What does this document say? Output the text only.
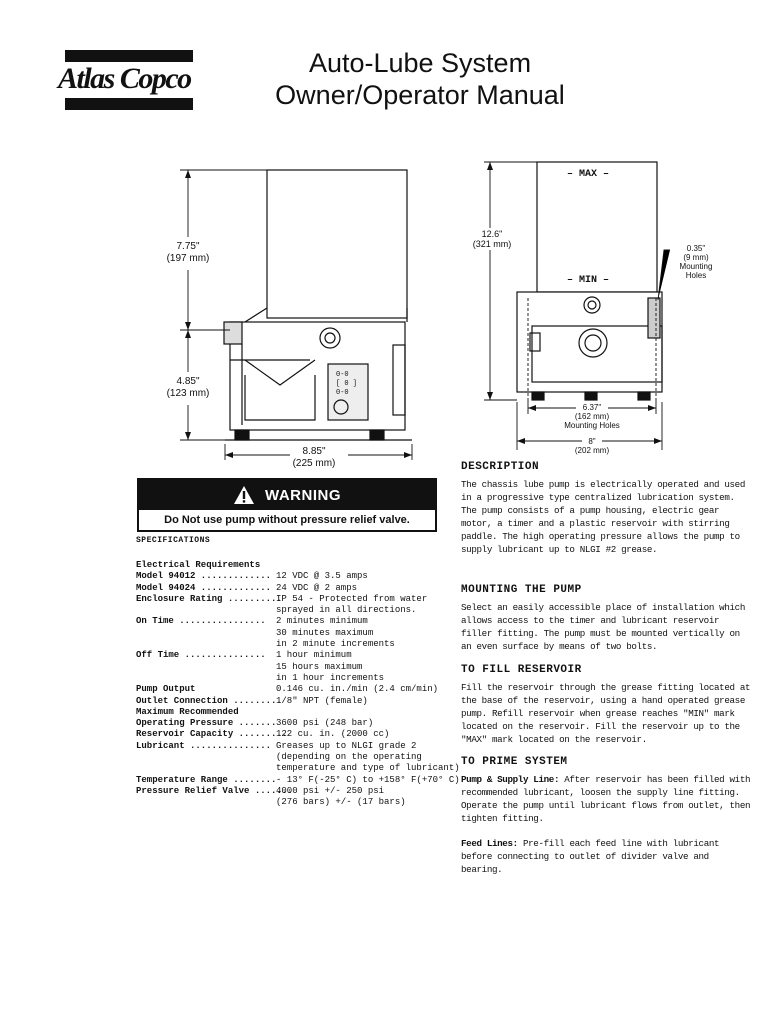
Atlas Copco	Auto-Lube System
Owner/Operator Manual
0-0
[ 0 ]
0-0
7.75"
(197 mm)
4.85"
(123 mm)
8.85"
(225 mm)
– MAX –
– MIN –
12.6"
(321 mm)	0.35"
(9 mm)
Mounting
Holes
6.37"
(162 mm)
Mounting Holes
8"
(202 mm)
WARNING
Do Not use pump without pressure relief valve.
SPECIFICATIONS
Electrical Requirements
Model 94012 ............. 12 VDC @ 3.5 amps
Model 94024 ............. 24 VDC @ 2 amps
Enclosure Rating ..........
IP 54 - Protected from water
sprayed in all directions.
On Time ................	2 minutes minimum
30 minutes maximum
in 2 minute increments
Off Time ...............	1 hour minimum
15 hours maximum
in 1 hour increments
Pump Output	0.146 cu. in./min (2.4 cm/min)
Outlet Connection .........
1/8" NPT (female)
Maximum Recommended
Operating Pressure ....... 3600 psi (248 bar)
Reservoir Capacity .........
122 cu. in. (2000 cc)
Lubricant ............... Greases up to NLGI grade 2
(depending on the operating
temperature and type of lubricant)
Temperature Range ........ - 13° F(-25° C) to +158° F(+70° C)
Pressure Relief Valve .......
4000 psi +/- 250 psi
(276 bars) +/- (17 bars)
DESCRIPTION

The chassis lube pump is electrically operated and used in a progressive type centralized lubrication system. The pump consists of a pump housing, electric gear motor, a timer and a plastic reservoir with stirring paddle. The high operating pressure allows the pump to supply lubricant up to NLGI #2 grease.

MOUNTING THE PUMP

Select an easily accessible place of installation which allows access to the timer and lubricant reservoir filler fitting. The pump must be mounted vertically on an even surface by means of two bolts.

TO FILL RESERVOIR

Fill the reservoir through the grease fitting located at the base of the reservoir, using a hand operated grease pump. Refill reservoir when grease reaches "MIN" mark located on the reservoir. Fill the reservoir up to the "MAX" mark located on the reservoir.

TO PRIME SYSTEM

Pump & Supply Line: After reservoir has been filled with recommended lubricant, loosen the supply line fitting. Operate the pump until lubricant flows from outlet, then tighten fitting.

Feed Lines: Pre-fill each feed line with lubricant before connecting to outlet of divider valve and bearing.
